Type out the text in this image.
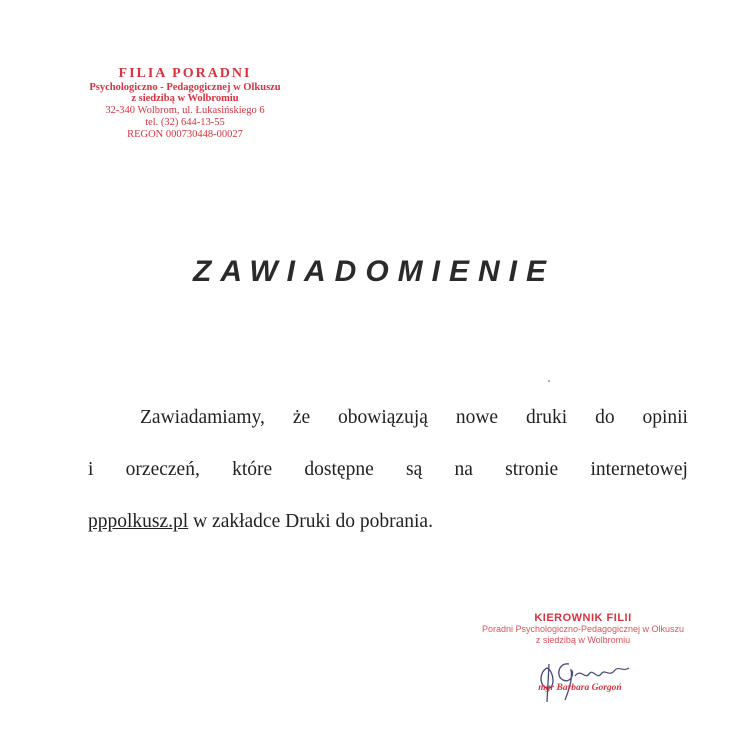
FILIA PORADNI
Psychologiczno - Pedagogicznej w Olkuszu
z siedzibą w Wolbromiu
32-340 Wolbrom, ul. Łukasińskiego 6
tel. (32) 644-13-55
REGON 000730448-00027
ZAWIADOMIENIE
Zawiadamiamy, że obowiązują nowe druki do opinii
i orzeczeń, które dostępne są na stronie internetowej
pppolkusz.pl w zakładce Druki do pobrania.
KIEROWNIK FILII
Poradni Psychologiczno-Pedagogicznej w Olkuszu
z siedzibą w Wolbromiu
mgr Barbara Gorgoń
